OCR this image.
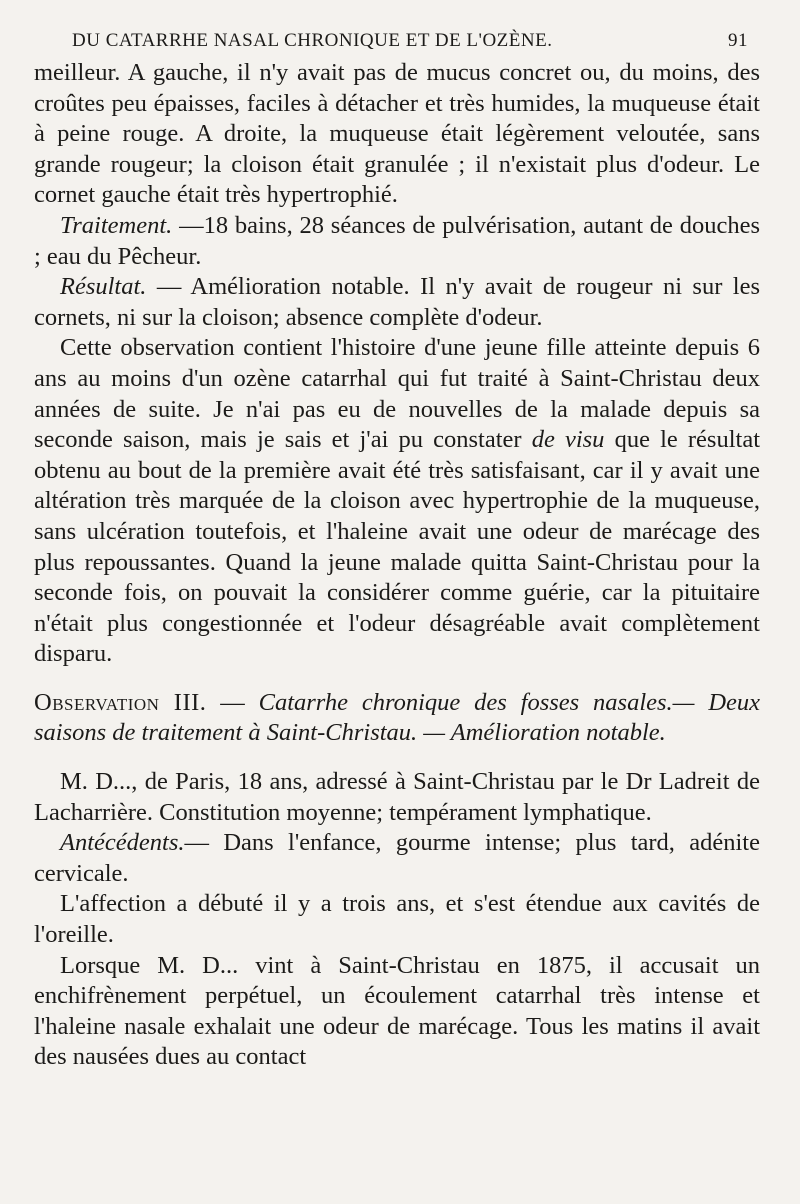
DU CATARRHE NASAL CHRONIQUE ET DE L'OZÈNE.	91

meilleur. A gauche, il n'y avait pas de mucus concret ou, du moins, des croûtes peu épaisses, faciles à détacher et très humides, la muqueuse était à peine rouge. A droite, la muqueuse était légèrement veloutée, sans grande rougeur; la cloison était granulée ; il n'existait plus d'odeur. Le cornet gauche était très hypertrophié.

Traitement. —18 bains, 28 séances de pulvérisation, autant de douches ; eau du Pêcheur.

Résultat. — Amélioration notable. Il n'y avait de rougeur ni sur les cornets, ni sur la cloison; absence complète d'odeur.

Cette observation contient l'histoire d'une jeune fille atteinte depuis 6 ans au moins d'un ozène catarrhal qui fut traité à Saint-Christau deux années de suite. Je n'ai pas eu de nouvelles de la malade depuis sa seconde saison, mais je sais et j'ai pu constater de visu que le résultat obtenu au bout de la première avait été très satisfaisant, car il y avait une altération très marquée de la cloison avec hypertrophie de la muqueuse, sans ulcération toutefois, et l'haleine avait une odeur de marécage des plus repoussantes. Quand la jeune malade quitta Saint-Christau pour la seconde fois, on pouvait la considérer comme guérie, car la pituitaire n'était plus congestionnée et l'odeur désagréable avait complètement disparu.

Observation III. — Catarrhe chronique des fosses nasales.— Deux saisons de traitement à Saint-Christau. — Amélioration notable.

M. D..., de Paris, 18 ans, adressé à Saint-Christau par le Dr Ladreit de Lacharrière. Constitution moyenne; tempérament lymphatique.

Antécédents.— Dans l'enfance, gourme intense; plus tard, adénite cervicale.

L'affection a débuté il y a trois ans, et s'est étendue aux cavités de l'oreille.

Lorsque M. D... vint à Saint-Christau en 1875, il accusait un enchifrènement perpétuel, un écoulement catarrhal très intense et l'haleine nasale exhalait une odeur de marécage. Tous les matins il avait des nausées dues au contact
